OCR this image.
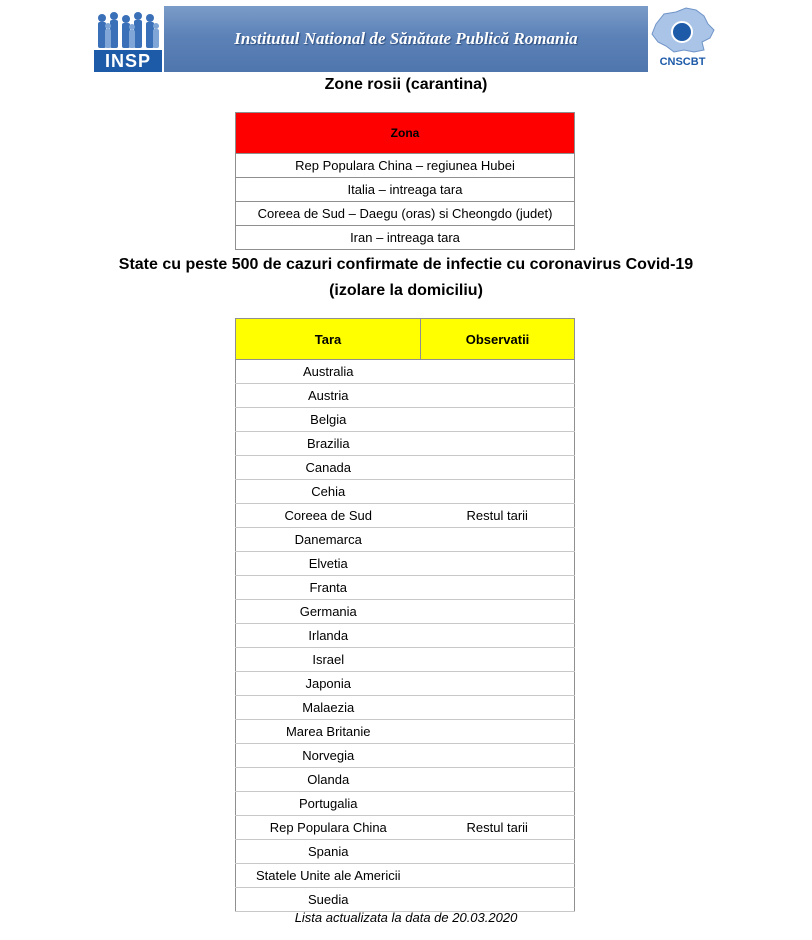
INSP
Institutul National de Sănătate Publică Romania
CNSCBT
Zone rosii (carantina)
Zona
Rep Populara China – regiunea Hubei
Italia – intreaga tara
Coreea de Sud – Daegu (oras) si Cheongdo (judet)
Iran – intreaga tara
State cu peste 500 de cazuri confirmate de infectie cu coronavirus Covid-19
(izolare la domiciliu)
Tara	Observatii
Australia	
Austria	
Belgia	
Brazilia	
Canada	
Cehia	
Coreea de Sud	Restul tarii
Danemarca	
Elvetia	
Franta	
Germania	
Irlanda	
Israel	
Japonia	
Malaezia	
Marea Britanie	
Norvegia	
Olanda	
Portugalia	
Rep Populara China	Restul tarii
Spania	
Statele Unite ale Americii	
Suedia	
Lista actualizata la data de 20.03.2020
